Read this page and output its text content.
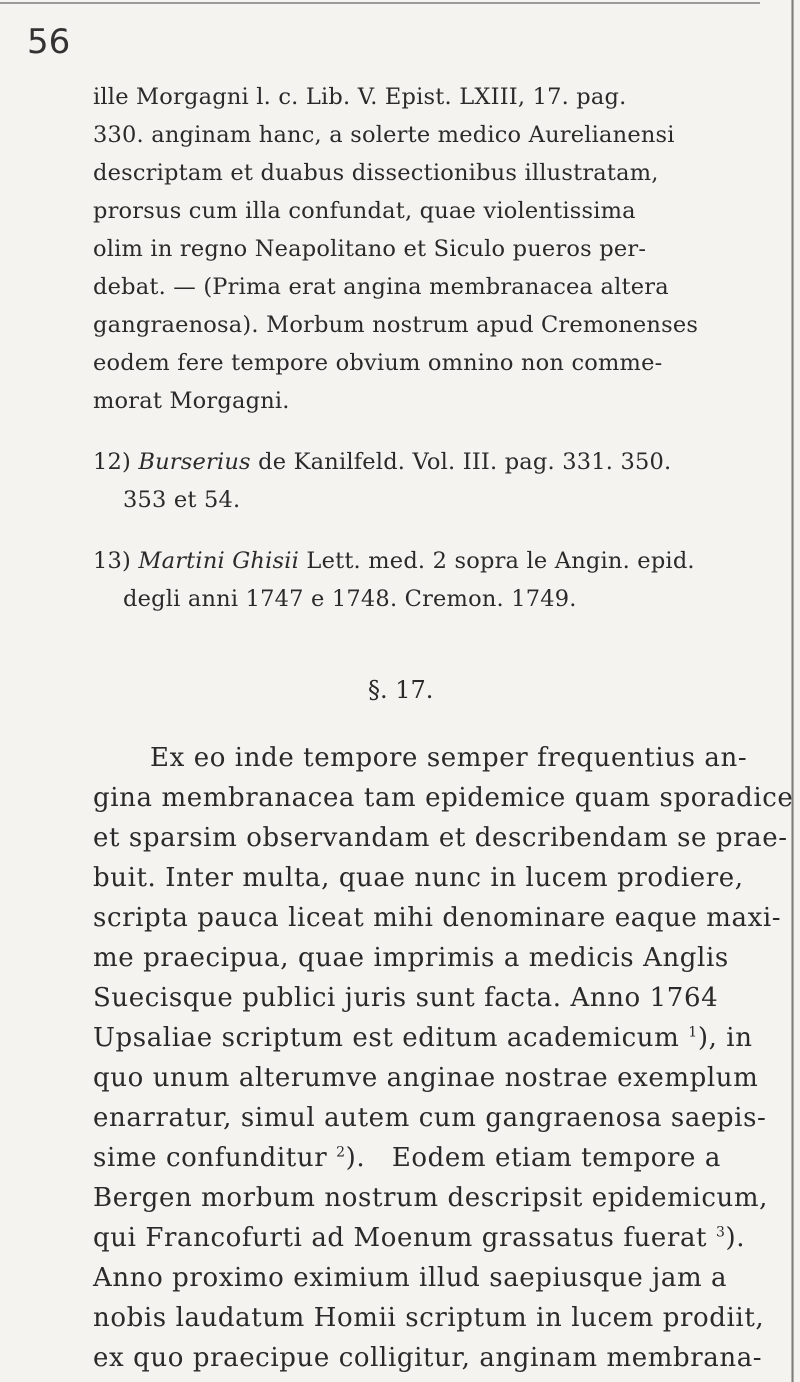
56
ille Morgagni l. c. Lib. V. Epist. LXIII, 17. pag.
330. anginam hanc, a solerte medico Aurelianensi
descriptam et duabus dissectionibus illustratam,
prorsus cum illa confundat, quae violentissima
olim in regno Neapolitano et Siculo pueros per-
debat. — (Prima erat angina membranacea altera
gangraenosa). Morbum nostrum apud Cremonenses
eodem fere tempore obvium omnino non comme-
morat Morgagni.
12) Burserius de Kanilfeld. Vol. III. pag. 331. 350.
353 et 54.
13) Martini Ghisii Lett. med. 2 sopra le Angin. epid.
degli anni 1747 e 1748. Cremon. 1749.
§. 17.
Ex eo inde tempore semper frequentius an-
gina membranacea tam epidemice quam sporadice
et sparsim observandam et describendam se prae-
buit. Inter multa, quae nunc in lucem prodiere,
scripta pauca liceat mihi denominare eaque maxi-
me praecipua, quae imprimis a medicis Anglis
Suecisque publici juris sunt facta. Anno 1764
Upsaliae scriptum est editum academicum $^1$), in
quo unum alterumve anginae nostrae exemplum
enarratur, simul autem cum gangraenosa saepis-
sime confunditur $^2$).   Eodem etiam tempore a
Bergen morbum nostrum descripsit epidemicum,
qui Francofurti ad Moenum grassatus fuerat $^3$).
Anno proximo eximium illud saepiusque jam a
nobis laudatum Homii scriptum in lucem prodiit,
ex quo praecipue colligitur, anginam membrana-
